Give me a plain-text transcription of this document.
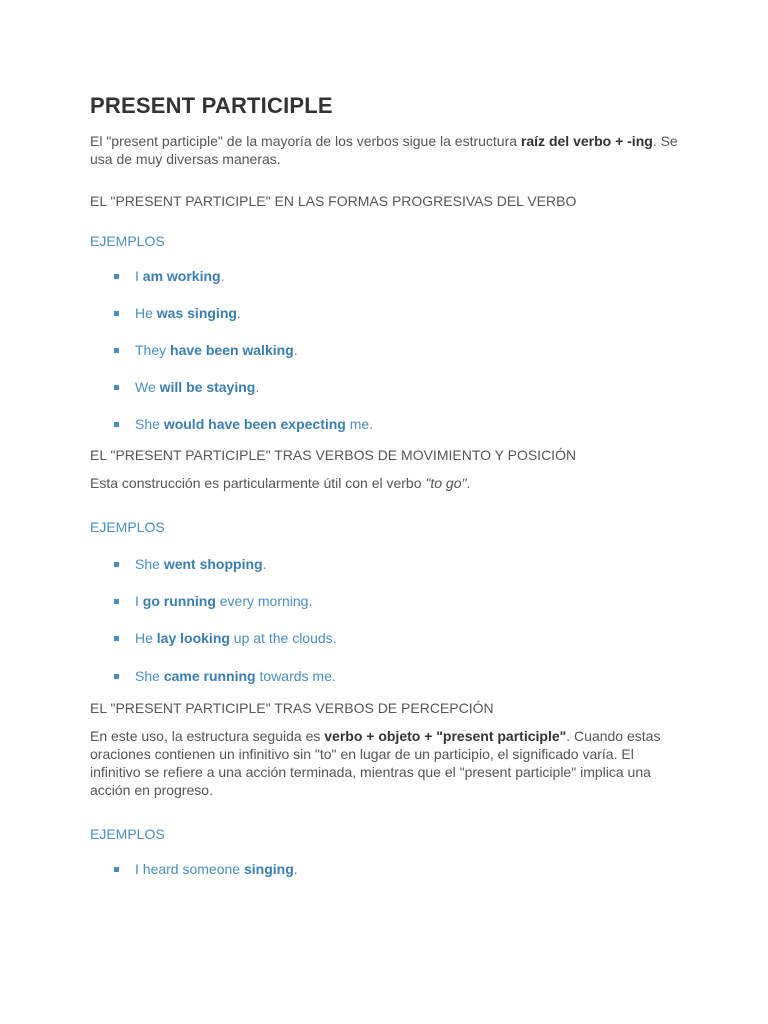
PRESENT PARTICIPLE

El "present participle" de la mayoría de los verbos sigue la estructura raíz del verbo + -ing. Se usa de muy diversas maneras.

EL "PRESENT PARTICIPLE" EN LAS FORMAS PROGRESIVAS DEL VERBO
EJEMPLOS
I am working.
He was singing.
They have been walking.
We will be staying.
She would have been expecting me.
EL "PRESENT PARTICIPLE" TRAS VERBOS DE MOVIMIENTO Y POSICIÓN

Esta construcción es particularmente útil con el verbo "to go".

EJEMPLOS
She went shopping.
I go running every morning.
He lay looking up at the clouds.
She came running towards me.
EL "PRESENT PARTICIPLE" TRAS VERBOS DE PERCEPCIÓN

En este uso, la estructura seguida es verbo + objeto + "present participle". Cuando estas oraciones contienen un infinitivo sin "to" en lugar de un participio, el significado varía. El infinitivo se refiere a una acción terminada, mientras que el "present participle" implica una acción en progreso.

EJEMPLOS
I heard someone singing.
